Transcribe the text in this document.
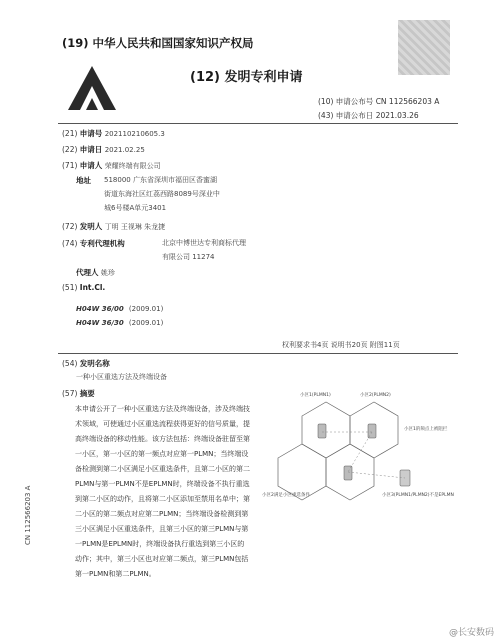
(19) 中华人民共和国国家知识产权局
(12) 发明专利申请
(10) 申请公布号 CN 112566203 A
(43) 申请公布日 2021.03.26
(21) 申请号 202110210605.3
(22) 申请日 2021.02.25
(71) 申请人 荣耀终端有限公司
地址 518000 广东省深圳市福田区香蜜湖
街道东海社区红荔西路8089号深业中
城6号楼A单元3401
(72) 发明人 丁明 王视琳 朱龙捷
(74) 专利代理机构	北京中博世达专利商标代理
有限公司 11274
代理人 姚珍
(51) Int.Cl.
H04W 36/00 (2009.01)
H04W 36/30 (2009.01)
权利要求书4页 说明书20页 附图11页
(54) 发明名称
一种小区重选方法及终端设备
(57) 摘要
本申请公开了一种小区重选方法及终端设备，涉及终端技术领域，可使通过小区重选流程获得更好的信号质量，提高终端设备的移动性能。该方法包括：终端设备驻留至第一小区，第一小区的第一频点对应第一PLMN；当终端设备检测到第二小区满足小区重选条件，且第二小区的第二PLMN与第一PLMN不是EPLMN时，终端设备不执行重选到第二小区的动作，且将第二小区添加至禁用名单中；第二小区的第二频点对应第二PLMN；当终端设备检测到第三小区满足小区重选条件，且第三小区的第三PLMN与第一PLMN是EPLMN时，终端设备执行重选到第三小区的动作；其中，第三小区也对应第二频点，第三PLMN包括第一PLMN和第二PLMN。
小区1(PLMN1)	小区2(PLMN2)
小区1的频点上被阻拦
小区3(PLMN1/PLMN2)不是EPLMN
小区2满足小区重选条件
CN 112566203 A
@长安数码
